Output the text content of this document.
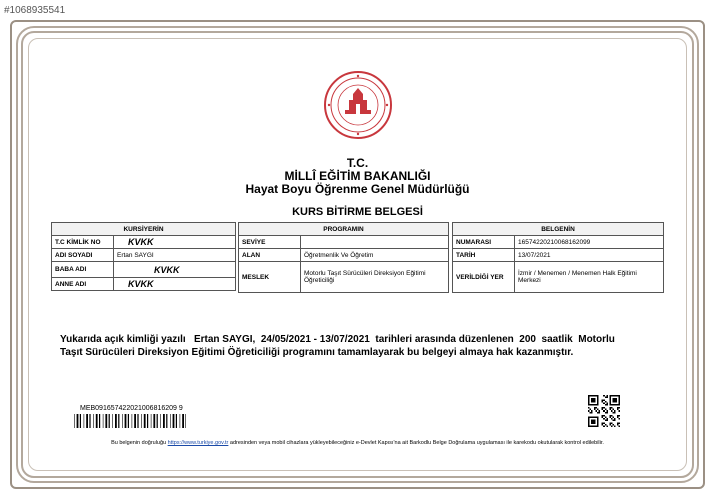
#1068935541
T.C.
MİLLÎ EĞİTİM BAKANLIĞI
Hayat Boyu Öğrenme Genel Müdürlüğü
KURS BİTİRME BELGESİ
KURSİYERİN	
T.C KİMLİK NO	KVKK
ADI SOYADI	Ertan SAYGI
BABA ADI	KVKK
ANNE ADI	KVKK
PROGRAMIN	
SEVİYE	
ALAN	Öğretmenlik Ve Öğretim
MESLEK	Motorlu Taşıt Sürücüleri Direksiyon Eğitimi Öğreticiliği
BELGENİN	
NUMARASI	16574220210068162099
TARİH	13/07/2021
VERİLDİĞİ YER	İzmir / Menemen / Menemen Halk Eğitimi Merkezi
Yukarıda açık kimliği yazılı   Ertan SAYGI,  24/05/2021 - 13/07/2021  tarihleri arasında düzenlenen  200  saatlik  Motorlu
Taşıt Sürücüleri Direksiyon Eğitimi Öğreticiliği programını tamamlayarak bu belgeyi almaya hak kazanmıştır.
MEB091657422021006816209 9
Bu belgenin doğruluğu https://www.turkiye.gov.tr adresinden veya mobil cihazlara yükleyebileceğiniz e-Devlet Kapısı'na ait Barkodlu Belge Doğrulama uygulaması ile karekodu okutularak kontrol edilebilir.
